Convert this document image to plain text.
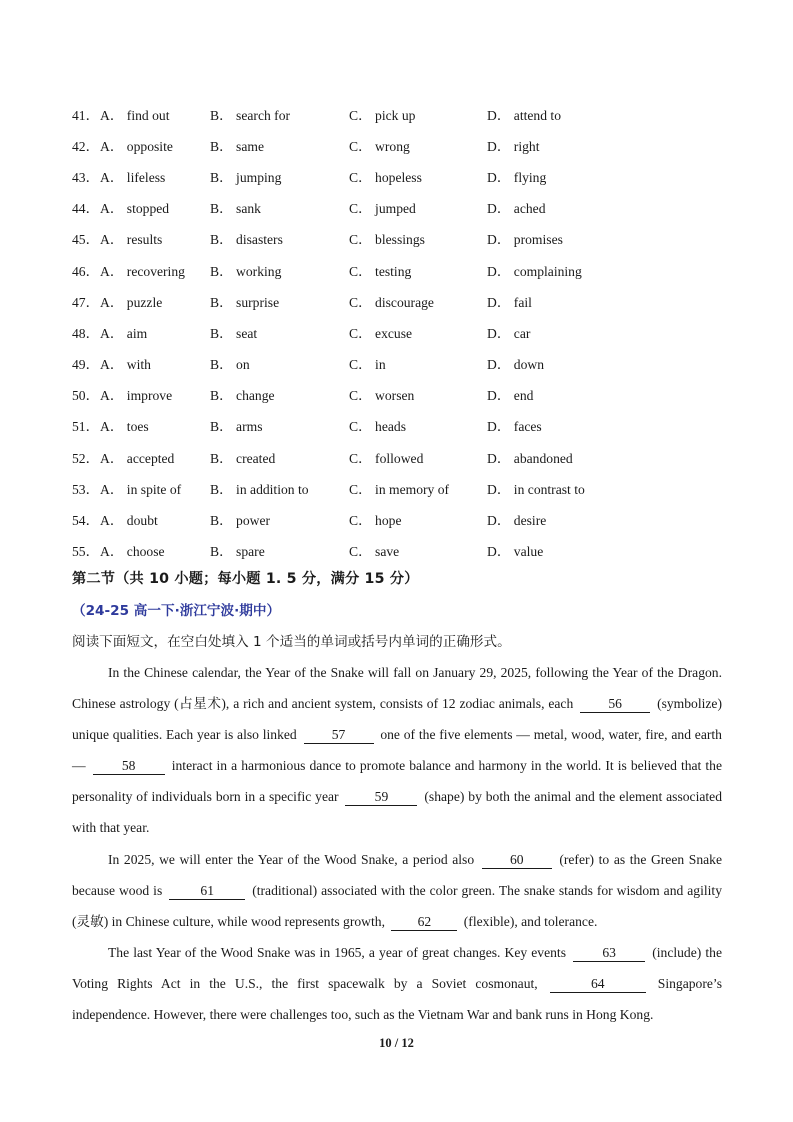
41． A． find out	B． search for	C． pick up	D． attend to
42． A． opposite	B． same	C． wrong	D． right
43． A． lifeless	B． jumping	C． hopeless	D． flying
44． A． stopped	B． sank	C． jumped	D． ached
45． A． results	B． disasters	C． blessings	D． promises
46． A． recovering	B． working	C． testing	D． complaining
47． A． puzzle	B． surprise	C． discourage	D． fail
48． A． aim	B． seat	C． excuse	D． car
49． A． with	B． on	C． in	D． down
50． A． improve	B． change	C． worsen	D． end
51． A． toes	B． arms	C． heads	D． faces
52． A． accepted	B． created	C． followed	D． abandoned
53． A． in spite of	B． in addition to	C． in memory of	D． in contrast to
54． A． doubt	B． power	C． hope	D． desire
55． A． choose	B． spare	C． save	D． value
第二节（共 10 小题；每小题 1. 5 分，满分 15 分）
（24-25 高一下·浙江宁波·期中）
阅读下面短文，在空白处填入 1 个适当的单词或括号内单词的正确形式。

In the Chinese calendar, the Year of the Snake will fall on January 29, 2025, following the Year of the Dragon. Chinese astrology (占星术), a rich and ancient system, consists of 12 zodiac animals, each	56	(symbolize) unique qualities. Each year is also linked	57	one of the five elements — metal, wood, water, fire, and earth —	58	interact in a harmonious dance to promote balance and harmony in the world. It is believed that the personality of individuals born in a specific year	59	(shape) by both the animal and the element associated with that year.

In 2025, we will enter the Year of the Wood Snake, a period also	60	(refer) to as the Green Snake because wood is	61	(traditional) associated with the color green. The snake stands for wisdom and agility (灵敏) in Chinese culture, while wood represents growth, 62 (flexible), and tolerance.

The last Year of the Wood Snake was in 1965, a year of great changes. Key events	63	(include) the Voting Rights Act in the U.S., the first spacewalk by a Soviet cosmonaut,	64	Singapore’s independence. However, there were challenges too, such as the Vietnam War and bank runs in Hong Kong.

10 / 12
